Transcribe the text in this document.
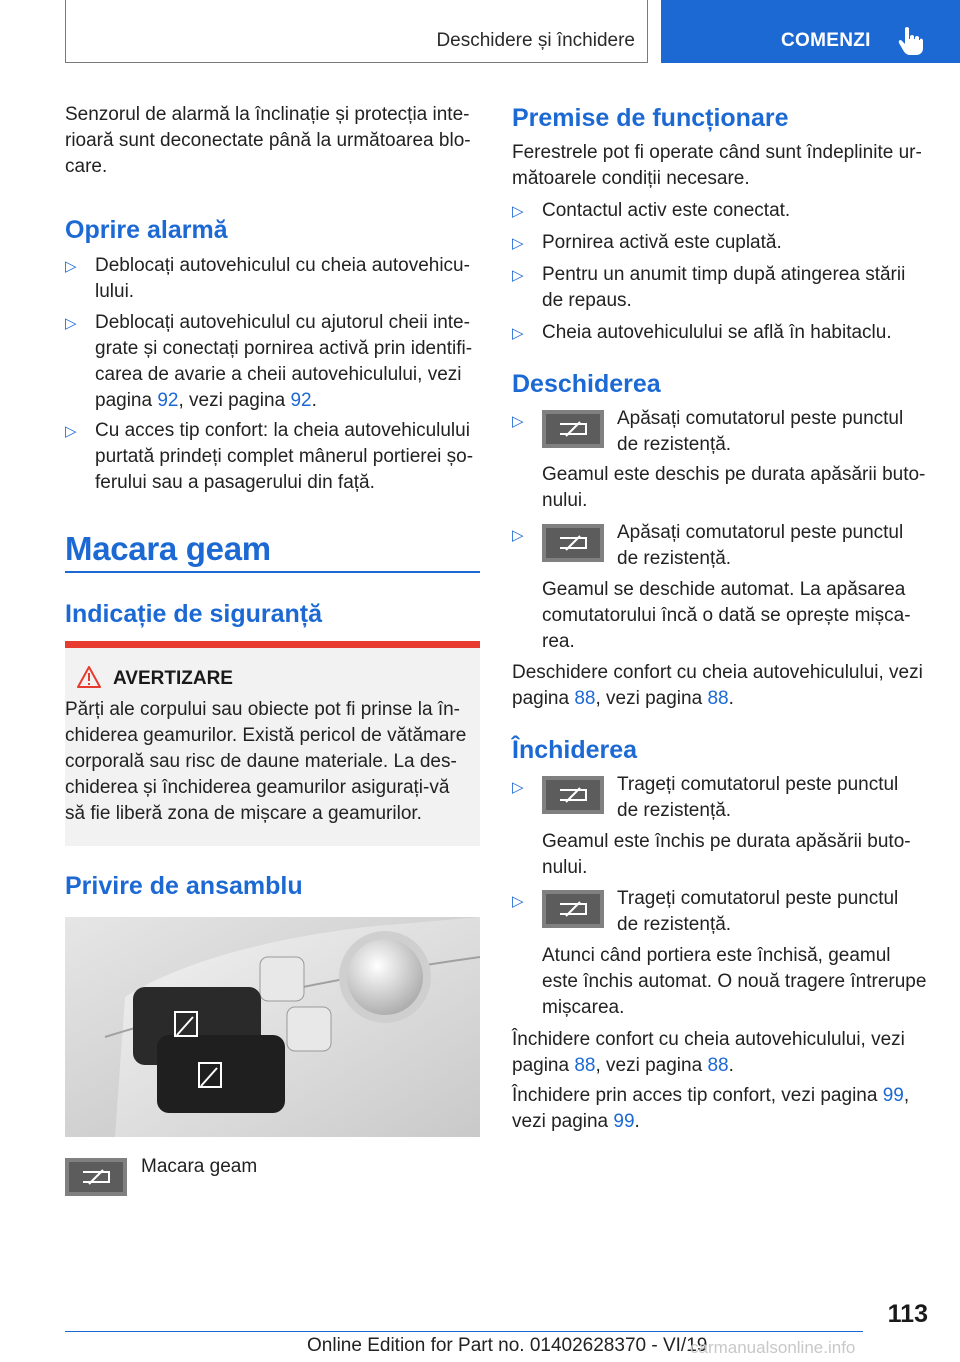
Deschidere și închidere	COMENZI

Senzorul de alarmă la înclinație și protecția inte-
rioară sunt deconectate până la următoarea blo-
care.

Oprire alarmă
▷ Deblocați autovehiculul cu cheia autovehicu-
lului.
▷ Deblocați autovehiculul cu ajutorul cheii inte-
grate și conectați pornirea activă prin identifi-
carea de avarie a cheii autovehiculului, vezi
pagina 92, vezi pagina 92.
▷ Cu acces tip confort: la cheia autovehiculului
purtată prindeți complet mânerul portierei șo-
ferului sau a pasagerului din față.
Macara geam
Indicație de siguranță
AVERTIZARE

Părți ale corpului sau obiecte pot fi prinse la în-
chiderea geamurilor. Există pericol de vătămare
corporală sau risc de daune materiale. La des-
chiderea și închiderea geamurilor asigurați-vă
să fie liberă zona de mișcare a geamurilor.

Privire de ansamblu
Macara geam
Premise de funcționare

Ferestrele pot fi operate când sunt îndeplinite ur-
mătoarele condiții necesare.

▷ Contactul activ este conectat.
▷ Pornirea activă este cuplată.
▷ Pentru un anumit timp după atingerea stării
de repaus.
▷ Cheia autovehiculului se află în habitaclu.
Deschiderea
▷	Apăsați comutatorul peste punctul
de rezistență.
Geamul este deschis pe durata apăsării buto-
nului.
▷	Apăsați comutatorul peste punctul
de rezistență.
Geamul se deschide automat. La apăsarea
comutatorului încă o dată se oprește mișca-
rea.

Deschidere confort cu cheia autovehiculului, vezi
pagina 88, vezi pagina 88.

Închiderea
▷	Trageți comutatorul peste punctul
de rezistență.
Geamul este închis pe durata apăsării buto-
nului.
▷	Trageți comutatorul peste punctul
de rezistență.
Atunci când portiera este închisă, geamul
este închis automat. O nouă tragere întrerupe
mișcarea.

Închidere confort cu cheia autovehiculului, vezi
pagina 88, vezi pagina 88.

Închidere prin acces tip confort, vezi pagina 99,
vezi pagina 99.

113
Online Edition for Part no. 01402628370 - VI/19
carmanualsonline.info
